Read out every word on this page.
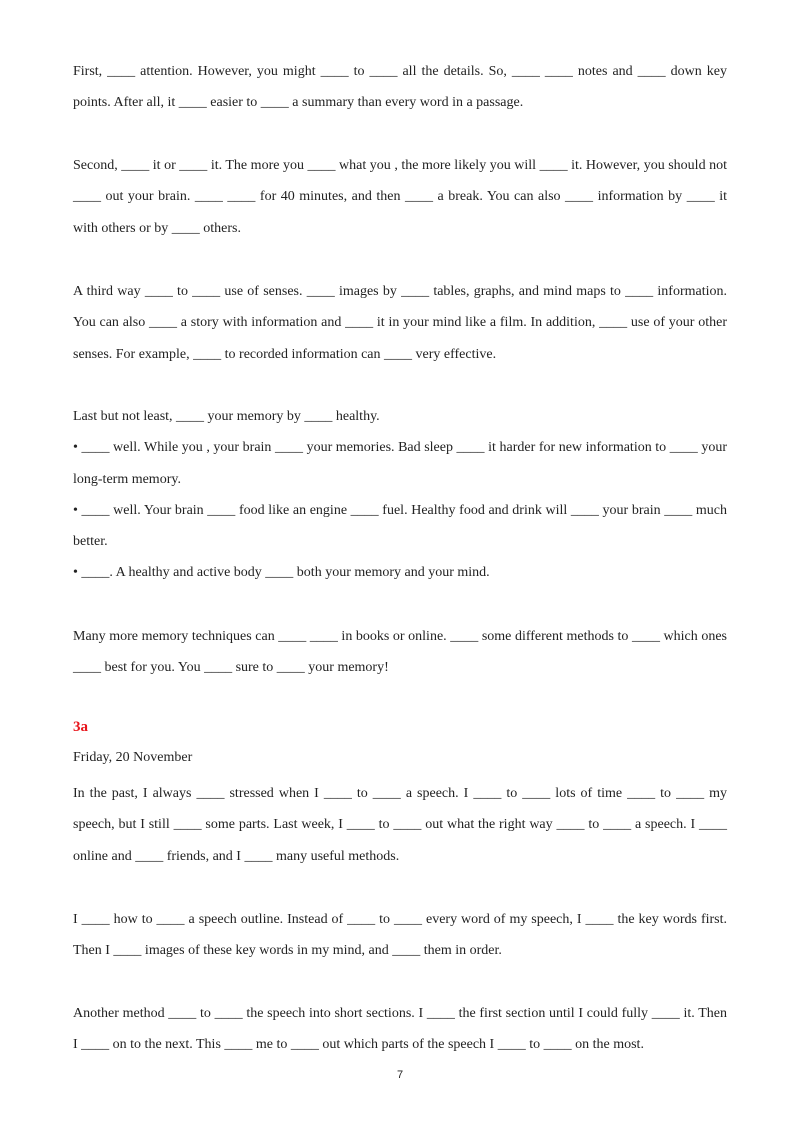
First, ____ attention. However, you might ____ to ____ all the details. So, ____ ____ notes and ____ down key points. After all, it ____ easier to ____ a summary than every word in a passage.

Second, ____ it or ____ it. The more you ____ what you , the more likely you will ____ it. However, you should not ____ out your brain. ____ ____ for 40 minutes, and then ____ a break. You can also ____ information by ____ it with others or by ____ others.

A third way ____ to ____ use of senses. ____ images by ____ tables, graphs, and mind maps to ____ information. You can also ____ a story with information and ____ it in your mind like a film. In addition, ____ use of your other senses. For example, ____ to recorded information can ____ very effective.

Last but not least, ____ your memory by ____ healthy.

• ____ well. While you , your brain ____ your memories. Bad sleep ____ it harder for new information to ____ your long-term memory.

• ____ well. Your brain ____ food like an engine ____ fuel. Healthy food and drink will ____ your brain ____ much better.

• ____. A healthy and active body ____ both your memory and your mind.

Many more memory techniques can ____ ____ in books or online. ____ some different methods to ____ which ones ____ best for you. You ____ sure to ____ your memory!

3a
Friday, 20 November

In the past, I always ____ stressed when I ____ to ____ a speech. I ____ to ____ lots of time ____ to ____ my speech, but I still ____ some parts. Last week, I ____ to ____ out what the right way ____ to ____ a speech. I ____ online and ____ friends, and I ____ many useful methods.

I ____ how to ____ a speech outline. Instead of ____ to ____ every word of my speech, I ____ the key words first. Then I ____ images of these key words in my mind, and ____ them in order.

Another method ____ to ____ the speech into short sections. I ____ the first section until I could fully ____ it. Then I ____ on to the next. This ____ me to ____ out which parts of the speech I ____ to ____ on the most.

7
